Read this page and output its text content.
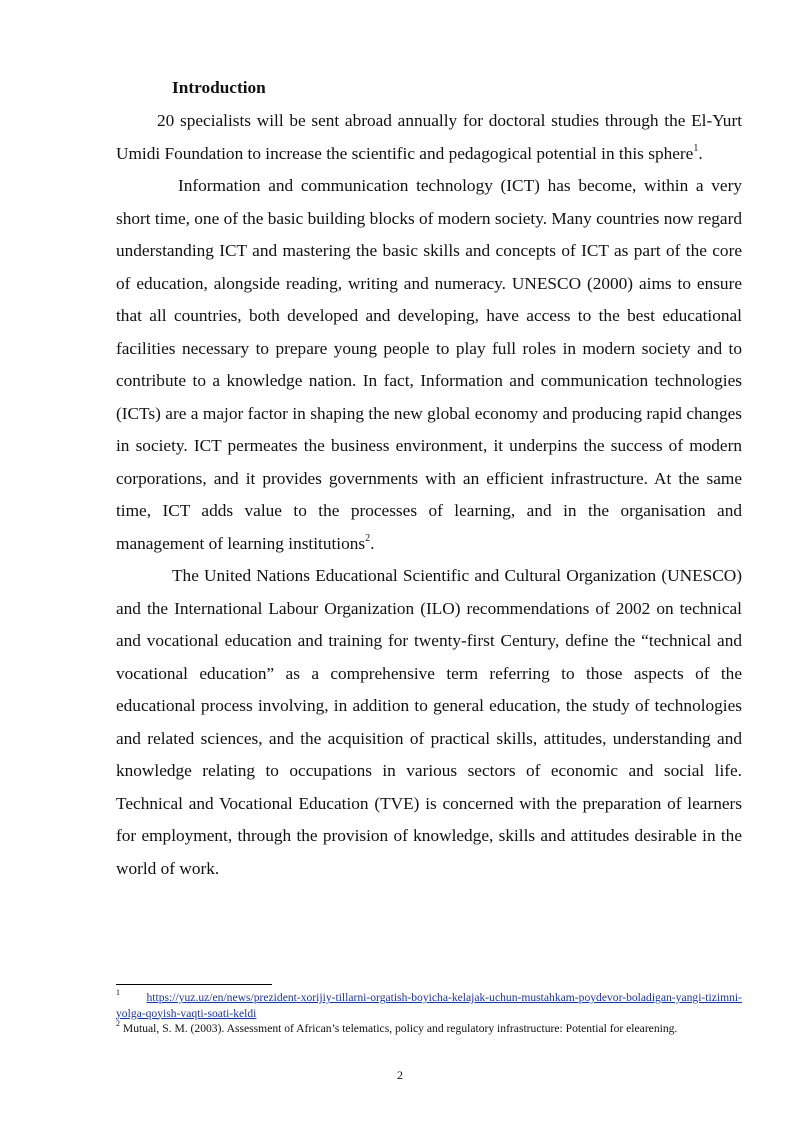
Introduction

20 specialists will be sent abroad annually for doctoral studies through the El-Yurt Umidi Foundation to increase the scientific and pedagogical potential in this sphere$^1$.

Information and communication technology (ICT) has become, within a very short time, one of the basic building blocks of modern society. Many countries now regard understanding ICT and mastering the basic skills and concepts of ICT as part of the core of education, alongside reading, writing and numeracy. UNESCO (2000) aims to ensure that all countries, both developed and developing, have access to the best educational facilities necessary to prepare young people to play full roles in modern society and to contribute to a knowledge nation. In fact, Information and communication technologies (ICTs) are a major factor in shaping the new global economy and producing rapid changes in society. ICT permeates the business environment, it underpins the success of modern corporations, and it provides governments with an efficient infrastructure. At the same time, ICT adds value to the processes of learning, and in the organisation and management of learning institutions$^2$.

The United Nations Educational Scientific and Cultural Organization (UNESCO) and the International Labour Organization (ILO) recommendations of 2002 on technical and vocational education and training for twenty-first Century, define the “technical and vocational education” as a comprehensive term referring to those aspects of the educational process involving, in addition to general education, the study of technologies and related sciences, and the acquisition of practical skills, attitudes, understanding and knowledge relating to occupations in various sectors of economic and social life. Technical and Vocational Education (TVE) is concerned with the preparation of learners for employment, through the provision of knowledge, skills and attitudes desirable in the world of work.

$^1$ https://yuz.uz/en/news/prezident-xorijiy-tillarni-orgatish-boyicha-kelajak-uchun-mustahkam-poydevor-boladigan-yangi-tizimni-yolga-qoyish-vaqti-soati-keldi

$^2$ Mutual, S. M. (2003). Assessment of African’s telematics, policy and regulatory infrastructure: Potential for elearening.

2
